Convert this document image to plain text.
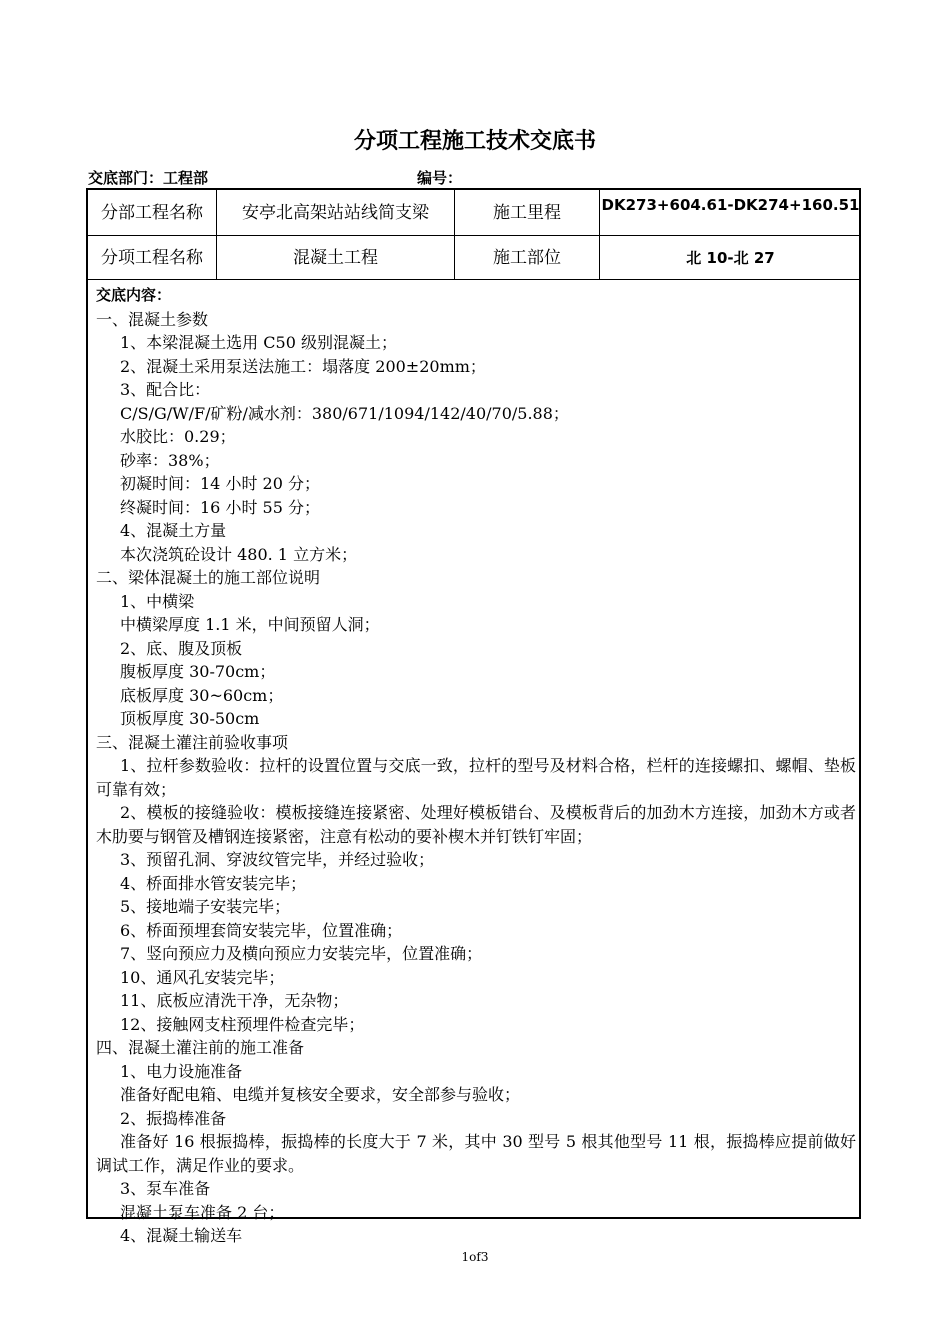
分项工程施工技术交底书
交底部门：工程部	编号：
分部工程名称	安亭北高架站站线简支梁	施工里程	DK273+604.61-DK274+160.51
分项工程名称	混凝土工程	施工部位	北 10-北 27
交底内容：
一、混凝土参数
1、本梁混凝土选用 C50 级别混凝土；
2、混凝土采用泵送法施工：塌落度 200±20mm；
3、配合比：
C/S/G/W/F/矿粉/减水剂：380/671/1094/142/40/70/5.88；
水胶比：0.29；
砂率：38%；
初凝时间：14 小时 20 分；
终凝时间：16 小时 55 分；
4、混凝土方量
本次浇筑砼设计 480. 1 立方米；
二、梁体混凝土的施工部位说明
1、中横梁
中横梁厚度 1.1 米，中间预留人洞；
2、底、腹及顶板
腹板厚度 30-70cm；
底板厚度 30~60cm；
顶板厚度 30-50cm
三、混凝土灌注前验收事项
1、拉杆参数验收：拉杆的设置位置与交底一致，拉杆的型号及材料合格，栏杆的连接螺扣、螺帽、垫板可靠有效；
2、模板的接缝验收：模板接缝连接紧密、处理好模板错台、及模板背后的加劲木方连接，加劲木方或者木肋要与钢管及槽钢连接紧密，注意有松动的要补楔木并钉铁钉牢固；
3、预留孔洞、穿波纹管完毕，并经过验收；
4、桥面排水管安装完毕；
5、接地端子安装完毕；
6、桥面预埋套筒安装完毕，位置准确；
7、竖向预应力及横向预应力安装完毕，位置准确；
10、通风孔安装完毕；
11、底板应清洗干净，无杂物；
12、接触网支柱预埋件检查完毕；
四、混凝土灌注前的施工准备
1、电力设施准备
准备好配电箱、电缆并复核安全要求，安全部参与验收；
2、振捣棒准备
准备好 16 根振捣棒，振捣棒的长度大于 7 米，其中 30 型号 5 根其他型号 11 根，振捣棒应提前做好调试工作，满足作业的要求。
3、泵车准备
混凝土泵车准备 2 台；
4、混凝土输送车
1of3
